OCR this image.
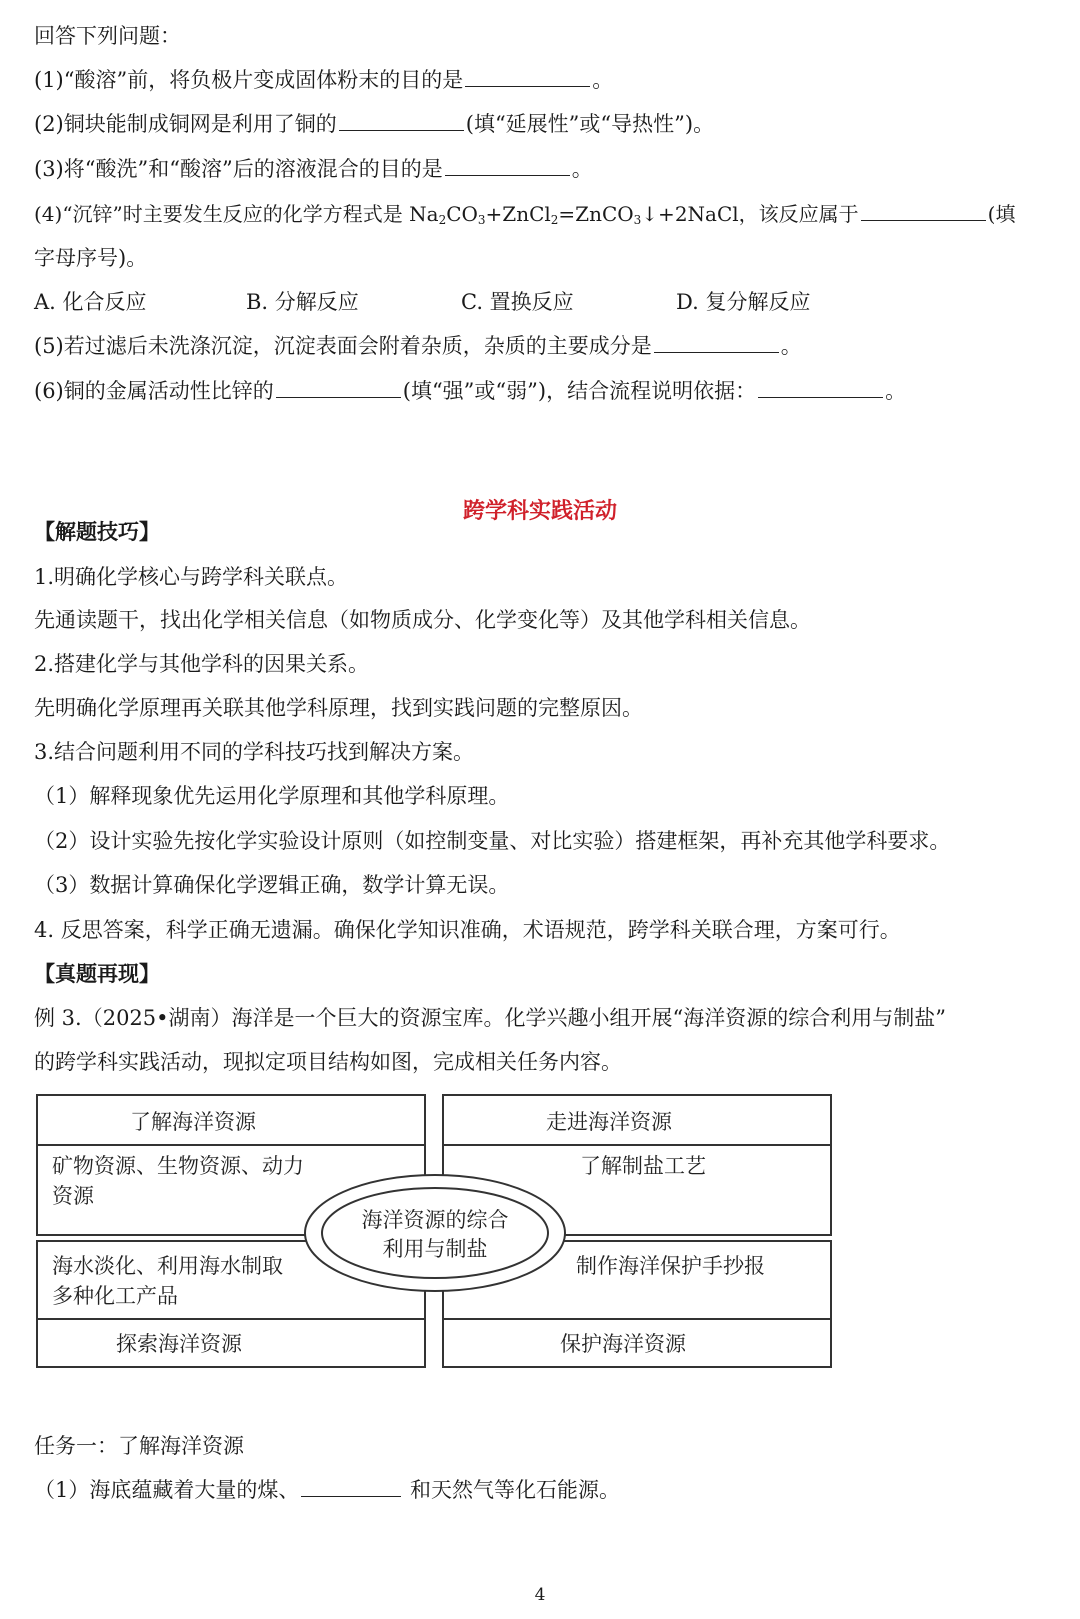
回答下列问题：
(1)“酸溶”前，将负极片变成固体粉末的目的是	。
(2)铜块能制成铜网是利用了铜的	(填“延展性”或“导热性”)。
(3)将“酸洗”和“酸溶”后的溶液混合的目的是	。
(4)“沉锌”时主要发生反应的化学方程式是 $Na_2CO_3+ZnCl_2=ZnCO_3↓+2NaCl$，该反应属于	(填
字母序号)。
A. 化合反应	B. 分解反应	C. 置换反应	D. 复分解反应
(5)若过滤后未洗涤沉淀，沉淀表面会附着杂质，杂质的主要成分是	。
(6)铜的金属活动性比锌的	(填“强”或“弱”)，结合流程说明依据：	。
跨学科实践活动
【解题技巧】
1.明确化学核心与跨学科关联点。
先通读题干，找出化学相关信息（如物质成分、化学变化等）及其他学科相关信息。
2.搭建化学与其他学科的因果关系。
先明确化学原理再关联其他学科原理，找到实践问题的完整原因。
3.结合问题利用不同的学科技巧找到解决方案。
（1）解释现象优先运用化学原理和其他学科原理。
（2）设计实验先按化学实验设计原则（如控制变量、对比实验）搭建框架，再补充其他学科要求。
（3）数据计算确保化学逻辑正确，数学计算无误。
4. 反思答案，科学正确无遗漏。确保化学知识准确，术语规范，跨学科关联合理，方案可行。
【真题再现】
例 3.（2025•湖南）海洋是一个巨大的资源宝库。化学兴趣小组开展“海洋资源的综合利用与制盐”
的跨学科实践活动，现拟定项目结构如图，完成相关任务内容。
了解海洋资源
矿物资源、生物资源、动力
资源
走进海洋资源
了解制盐工艺
海洋资源的综合
利用与制盐
海水淡化、利用海水制取
多种化工产品
探索海洋资源
制作海洋保护手抄报
保护海洋资源
任务一：了解海洋资源
（1）海底蕴藏着大量的煤、	和天然气等化石能源。
4
